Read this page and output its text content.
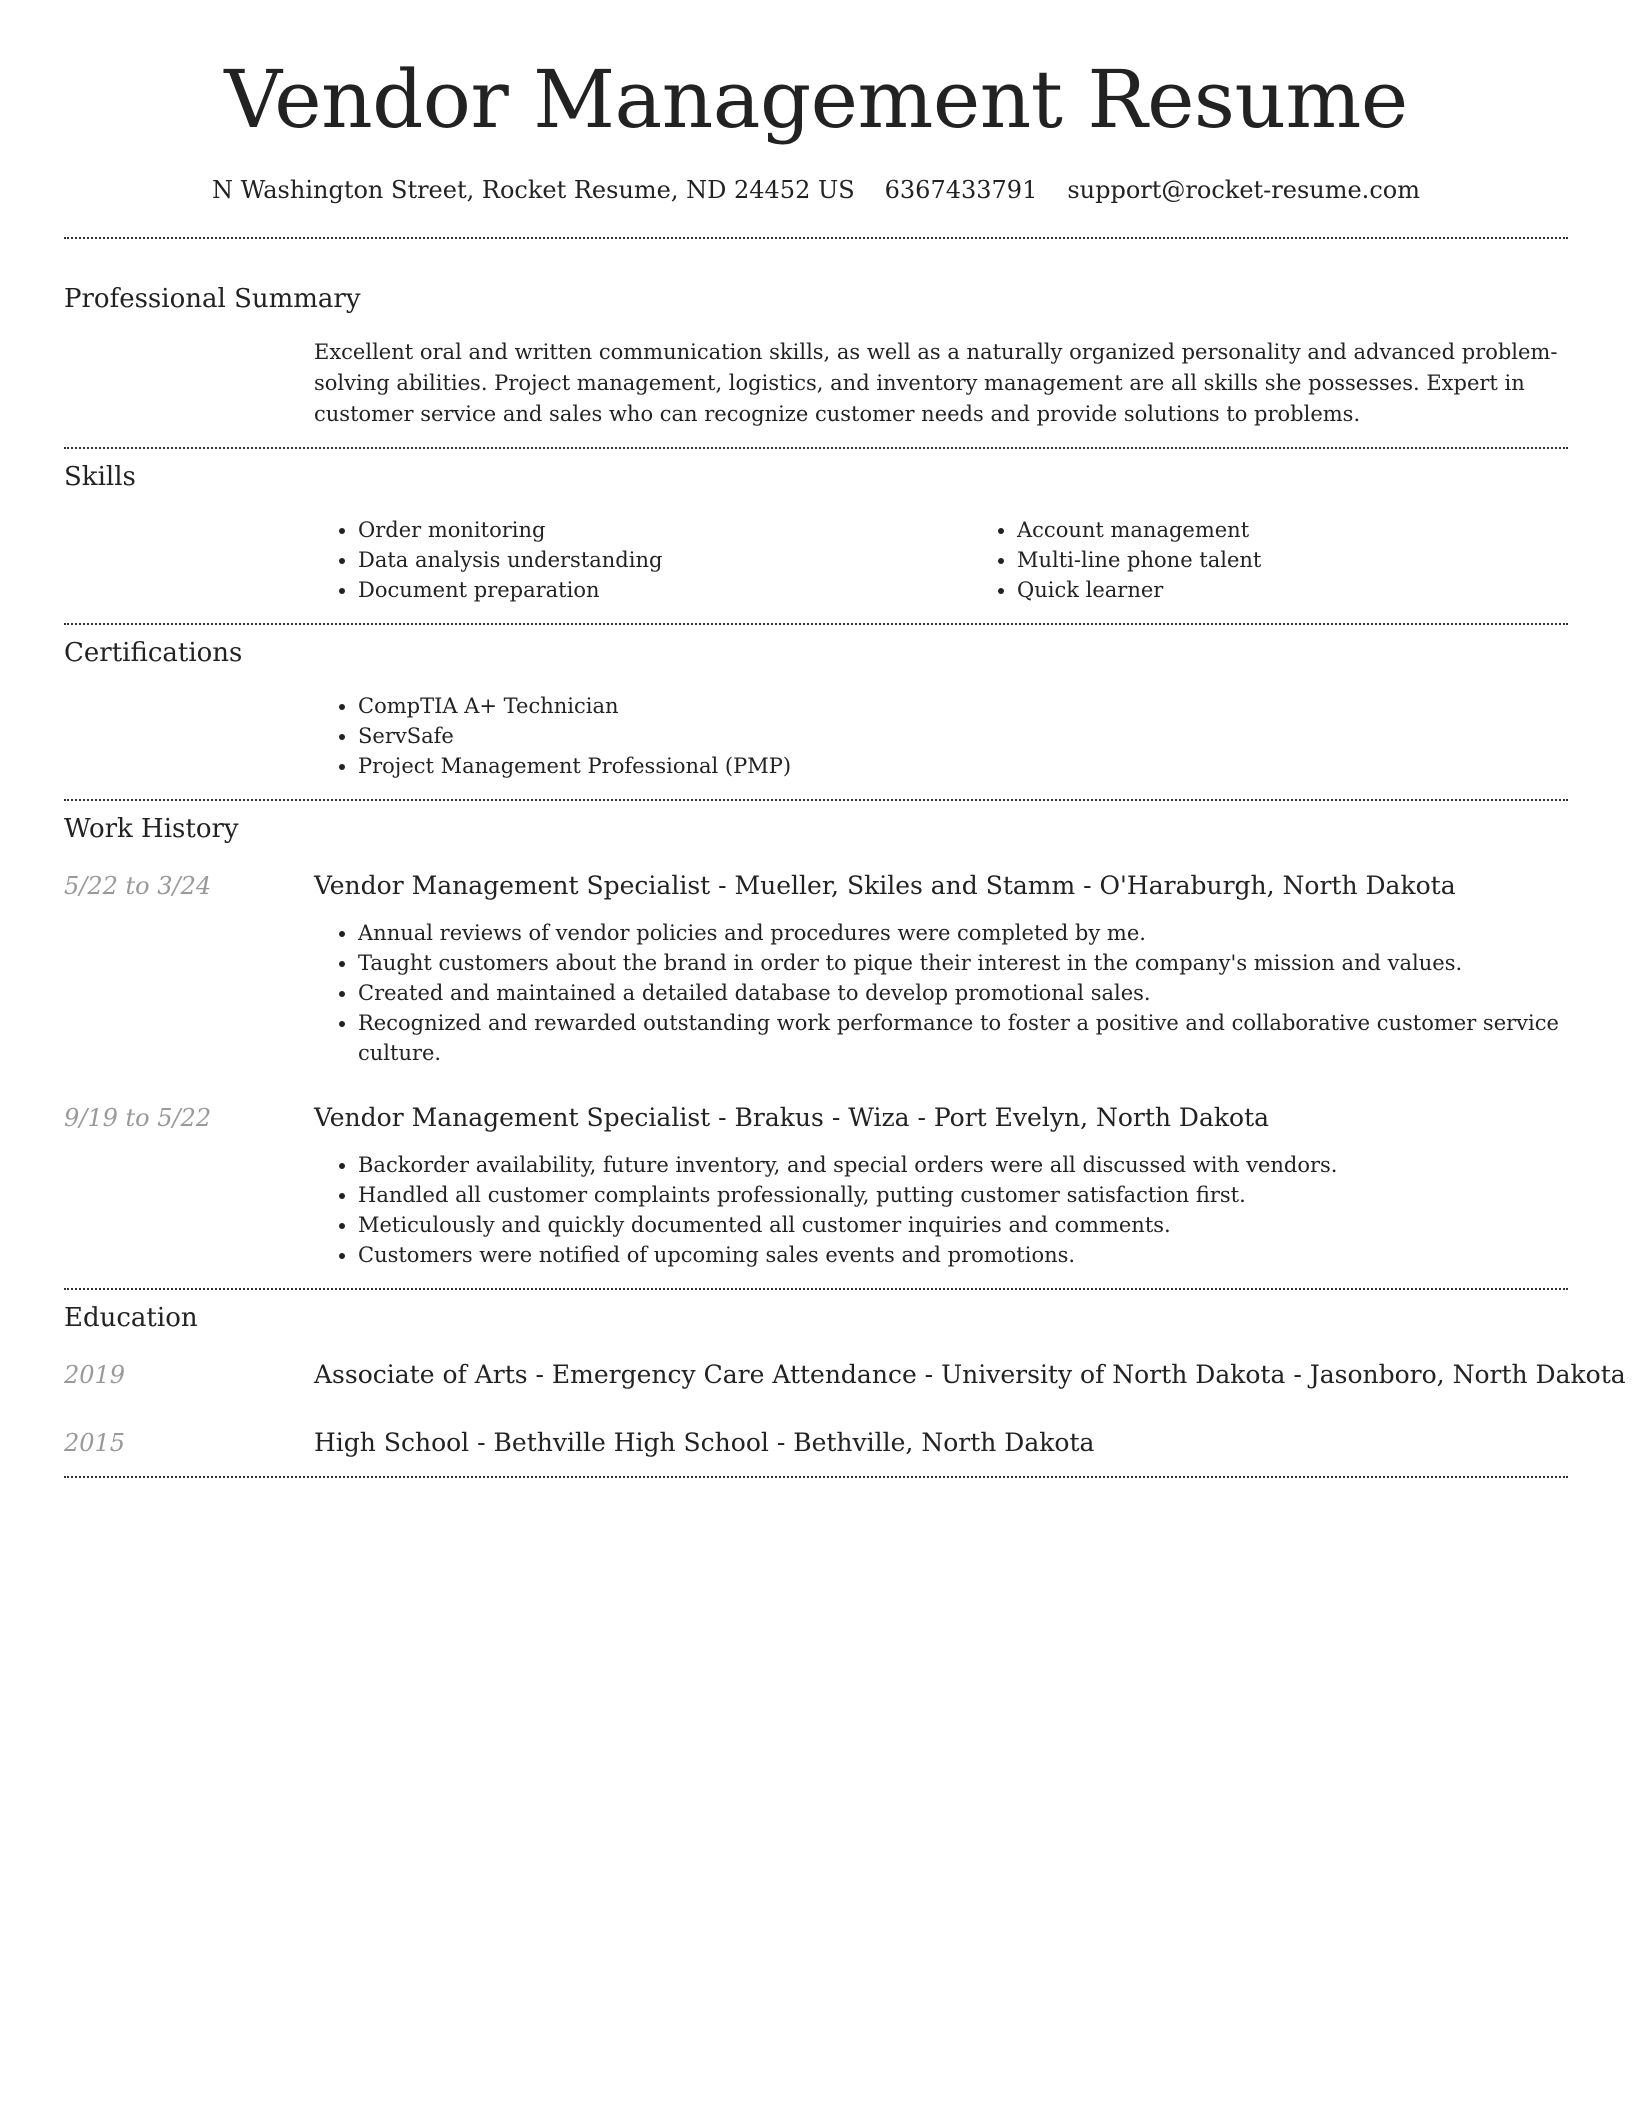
Vendor Management Resume
N Washington Street, Rocket Resume, ND 24452 US 6367433791 support@rocket-resume.com
Professional Summary

Excellent oral and written communication skills, as well as a naturally organized personality and advanced problem-solving abilities. Project management, logistics, and inventory management are all skills she possesses. Expert in customer service and sales who can recognize customer needs and provide solutions to problems.

Skills
• Order monitoring
• Data analysis understanding
• Document preparation
• Account management
• Multi-line phone talent
• Quick learner
Certifications
• CompTIA A+ Technician
• ServSafe
• Project Management Professional (PMP)
Work History
5/22 to 3/24	Vendor Management Specialist - Mueller, Skiles and Stamm - O'Haraburgh, North Dakota

• Annual reviews of vendor policies and procedures were completed by me.
• Taught customers about the brand in order to pique their interest in the company's mission and values.
• Created and maintained a detailed database to develop promotional sales.
• Recognized and rewarded outstanding work performance to foster a positive and collaborative customer service culture.
9/19 to 5/22	Vendor Management Specialist - Brakus - Wiza - Port Evelyn, North Dakota

• Backorder availability, future inventory, and special orders were all discussed with vendors.
• Handled all customer complaints professionally, putting customer satisfaction first.
• Meticulously and quickly documented all customer inquiries and comments.
• Customers were notified of upcoming sales events and promotions.
Education
2019	Associate of Arts - Emergency Care Attendance - University of North Dakota - Jasonboro, North Dakota

2015	High School - Bethville High School - Bethville, North Dakota
